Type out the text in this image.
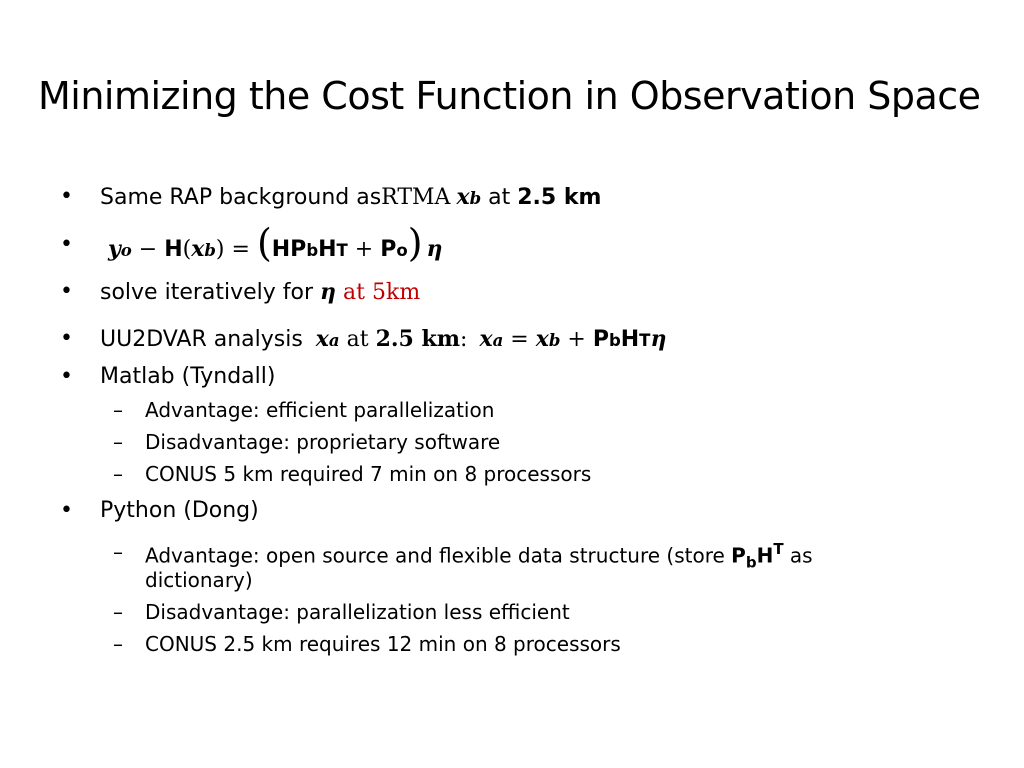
Minimizing the Cost Function in Observation Space
• Same RAP background as RTMA x b at 2.5 km
• y o − H ( x b ) = ( HP b H T + P o ) η
• solve iteratively for η at 5km
• UU2DVAR analysis x a at 2.5 km : x a = x b + P b H T η
• Matlab (Tyndall)
– Advantage: efficient parallelization
– Disadvantage: proprietary software
– CONUS 5 km required 7 min on 8 processors
• Python (Dong)
– Advantage: open source and flexible data structure (store $P_bH^T$ as
dictionary)
– Disadvantage: parallelization less efficient
– CONUS 2.5 km requires 12 min on 8 processors
